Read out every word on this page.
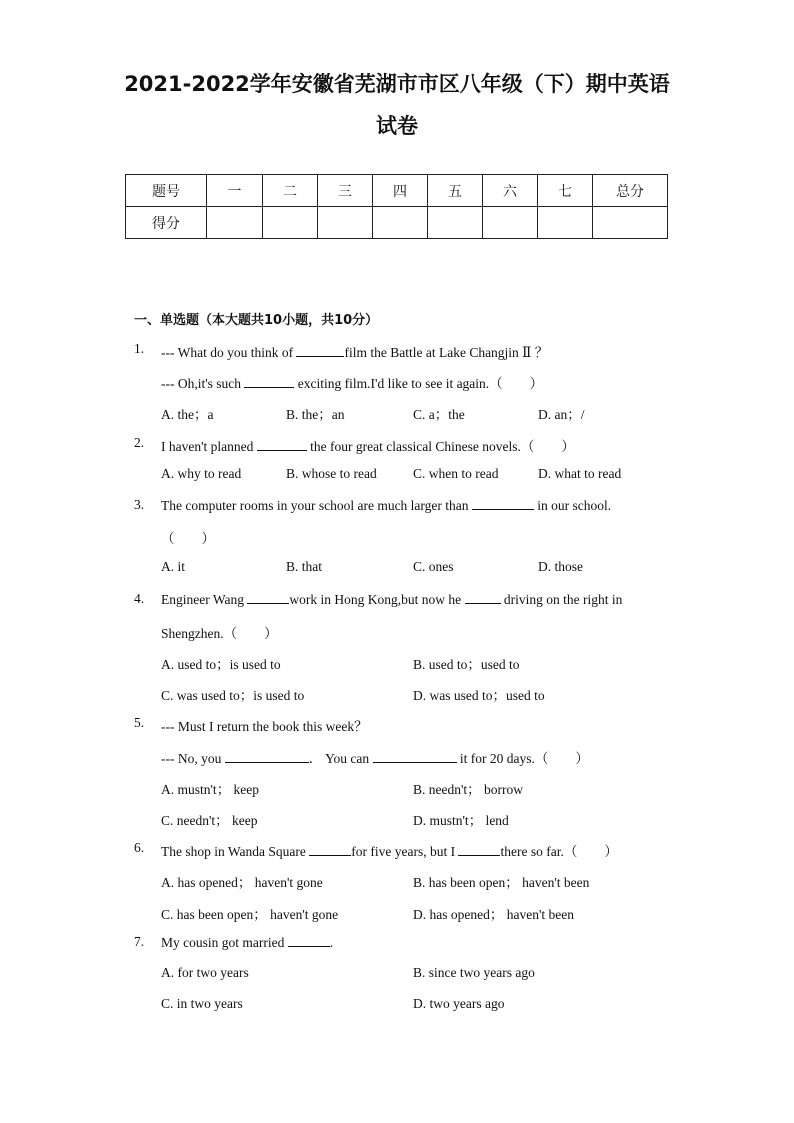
2021-2022学年安徽省芜湖市市区八年级（下）期中英语
试卷
题号	一	二	三	四	五	六	七	总分
得分								
一、单选题（本大题共10小题，共10分）
1. --- What do you think of	film the Battle at Lake Changjin Ⅱ ？
--- Oh,it's such	exciting film.I'd like to see it again.（　　）
A. the；a	B. the；an	C. a；the	D. an；/
2. I haven't planned	the four great classical Chinese novels.（　　）
A. why to read	B. whose to read	C. when to read	D. what to read
3. The computer rooms in your school are much larger than	in our school.
（　　）
A. it	B. that	C. ones	D. those
4. Engineer Wang	work in Hong Kong,but now he	driving on the right in
Shengzhen.（　　）
A. used to；is used to	B. used to；used to
C. was used to；is used to	D. was used to；used to
5. --- Must I return the book this week？
--- No, you	． You can	it for 20 days.（　　）
A. mustn't； keep	B. needn't； borrow
C. needn't； keep	D. mustn't； lend
6. The shop in Wanda Square	for five years, but I	there so far.（　　）
A. has opened； haven't gone	B. has been open； haven't been
C. has been open； haven't gone	D. has opened； haven't been
7. My cousin got married	.
A. for two years	B. since two years ago
C. in two years	D. two years ago
